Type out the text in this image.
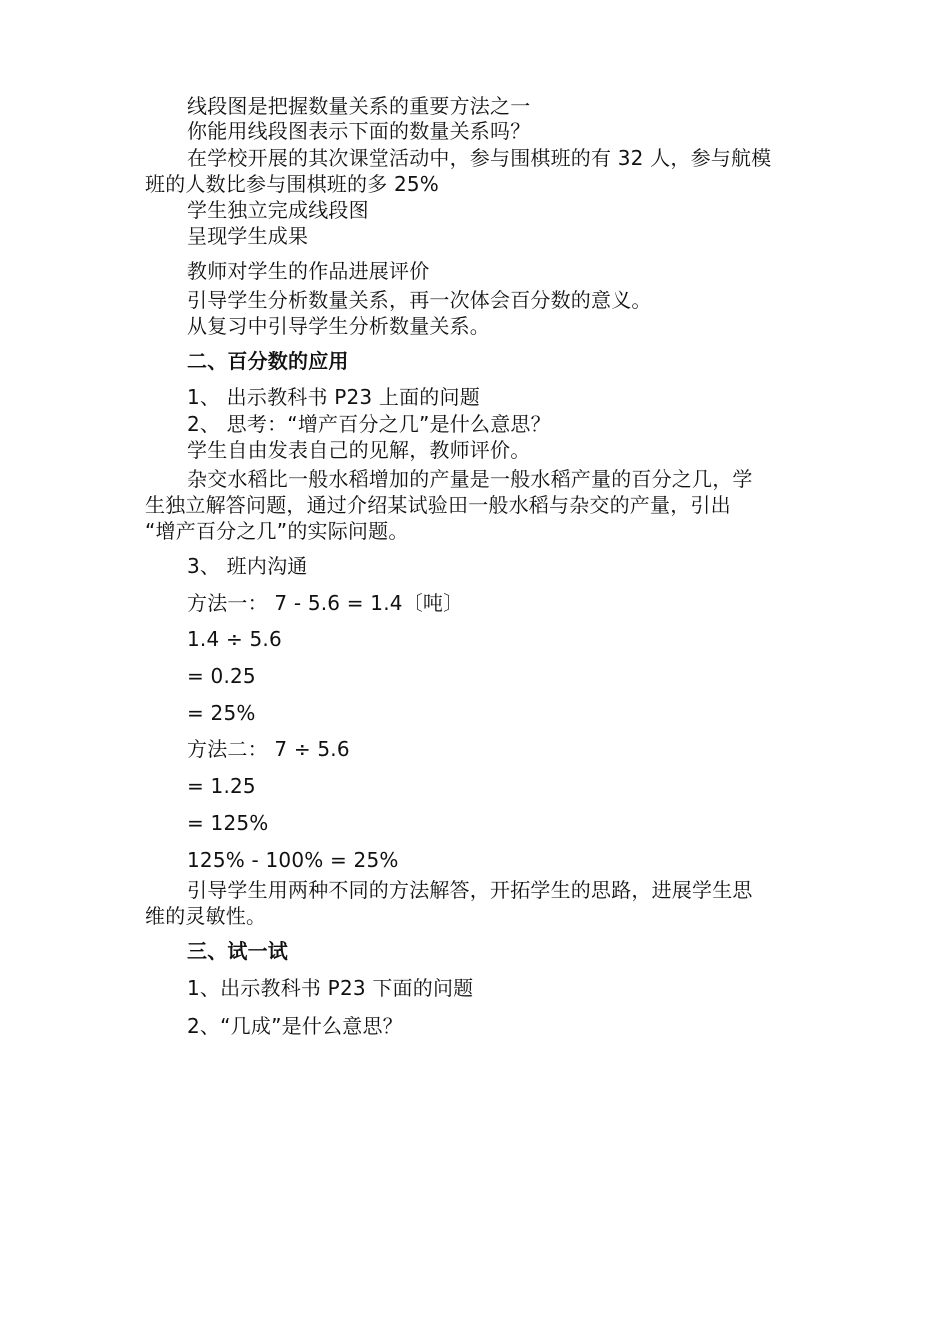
线段图是把握数量关系的重要方法之一
你能用线段图表示下面的数量关系吗？
在学校开展的其次课堂活动中，参与围棋班的有 32 人，参与航模
班的人数比参与围棋班的多 25%
学生独立完成线段图
呈现学生成果
教师对学生的作品进展评价
引导学生分析数量关系，再一次体会百分数的意义。
从复习中引导学生分析数量关系。
二、百分数的应用
1、 出示教科书 P23 上面的问题
2、 思考：“增产百分之几”是什么意思？
学生自由发表自己的见解，教师评价。
杂交水稻比一般水稻增加的产量是一般水稻产量的百分之几，学
生独立解答问题，通过介绍某试验田一般水稻与杂交的产量，引出
“增产百分之几”的实际问题。
3、 班内沟通
方法一： 7 - 5.6 = 1.4〔吨〕
1.4 ÷ 5.6
= 0.25
= 25%
方法二： 7 ÷ 5.6
= 1.25
= 125%
125% - 100% = 25%
引导学生用两种不同的方法解答，开拓学生的思路，进展学生思
维的灵敏性。
三、试一试
1、出示教科书 P23 下面的问题
2、“几成”是什么意思？
